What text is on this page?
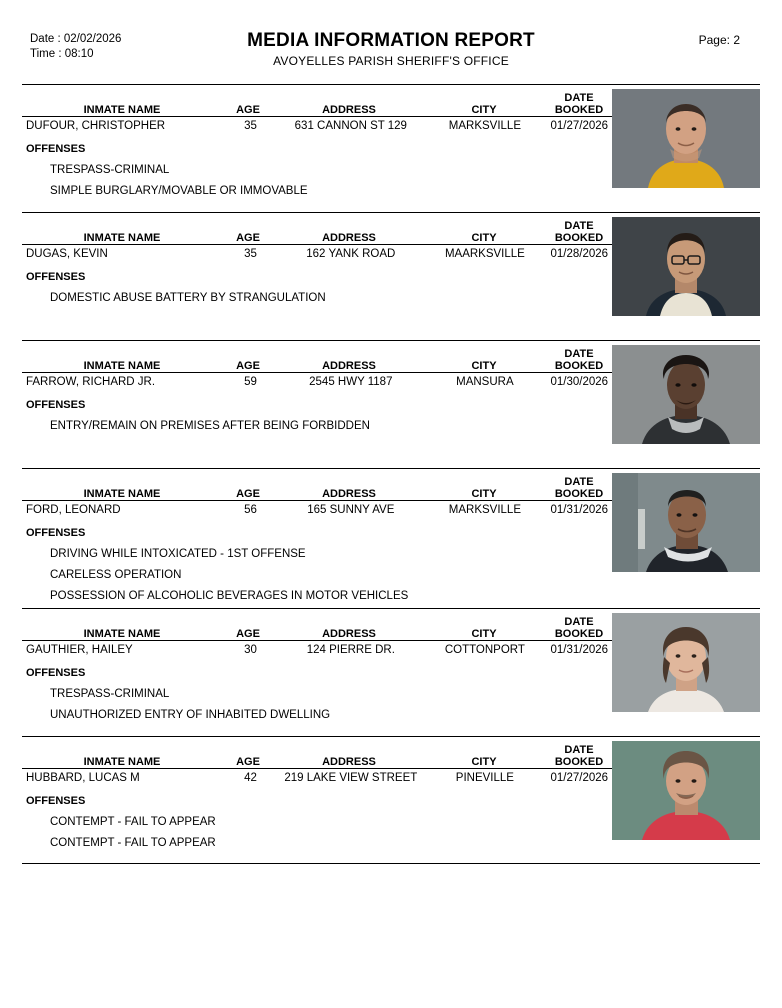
Date : 02/02/2026
Time : 08:10
MEDIA INFORMATION REPORT
AVOYELLES PARISH SHERIFF'S OFFICE
Page: 2
INMATE NAME	AGE	ADDRESS	CITY
DATE
BOOKED
DUFOUR, CHRISTOPHER	35	631 CANNON ST 129	MARKSVILLE	01/27/2026
OFFENSES
TRESPASS-CRIMINAL
SIMPLE BURGLARY/MOVABLE OR IMMOVABLE
INMATE NAME	AGE	ADDRESS	CITY
DATE
BOOKED
DUGAS, KEVIN	35	162 YANK ROAD	MAARKSVILLE	01/28/2026
OFFENSES
DOMESTIC ABUSE BATTERY BY STRANGULATION
INMATE NAME	AGE	ADDRESS	CITY
DATE
BOOKED
FARROW, RICHARD JR.	59	2545 HWY 1187	MANSURA	01/30/2026
OFFENSES
ENTRY/REMAIN ON PREMISES AFTER BEING FORBIDDEN
INMATE NAME	AGE	ADDRESS	CITY
DATE
BOOKED
FORD, LEONARD	56	165 SUNNY AVE	MARKSVILLE	01/31/2026
OFFENSES
DRIVING WHILE INTOXICATED - 1ST OFFENSE
CARELESS OPERATION
POSSESSION OF ALCOHOLIC BEVERAGES IN MOTOR VEHICLES
INMATE NAME	AGE	ADDRESS	CITY
DATE
BOOKED
GAUTHIER, HAILEY	30	124 PIERRE DR.	COTTONPORT	01/31/2026
OFFENSES
TRESPASS-CRIMINAL
UNAUTHORIZED ENTRY OF INHABITED DWELLING
INMATE NAME	AGE	ADDRESS	CITY
DATE
BOOKED
HUBBARD, LUCAS M	42	219 LAKE VIEW STREET	PINEVILLE	01/27/2026
OFFENSES
CONTEMPT - FAIL TO APPEAR
CONTEMPT - FAIL TO APPEAR
